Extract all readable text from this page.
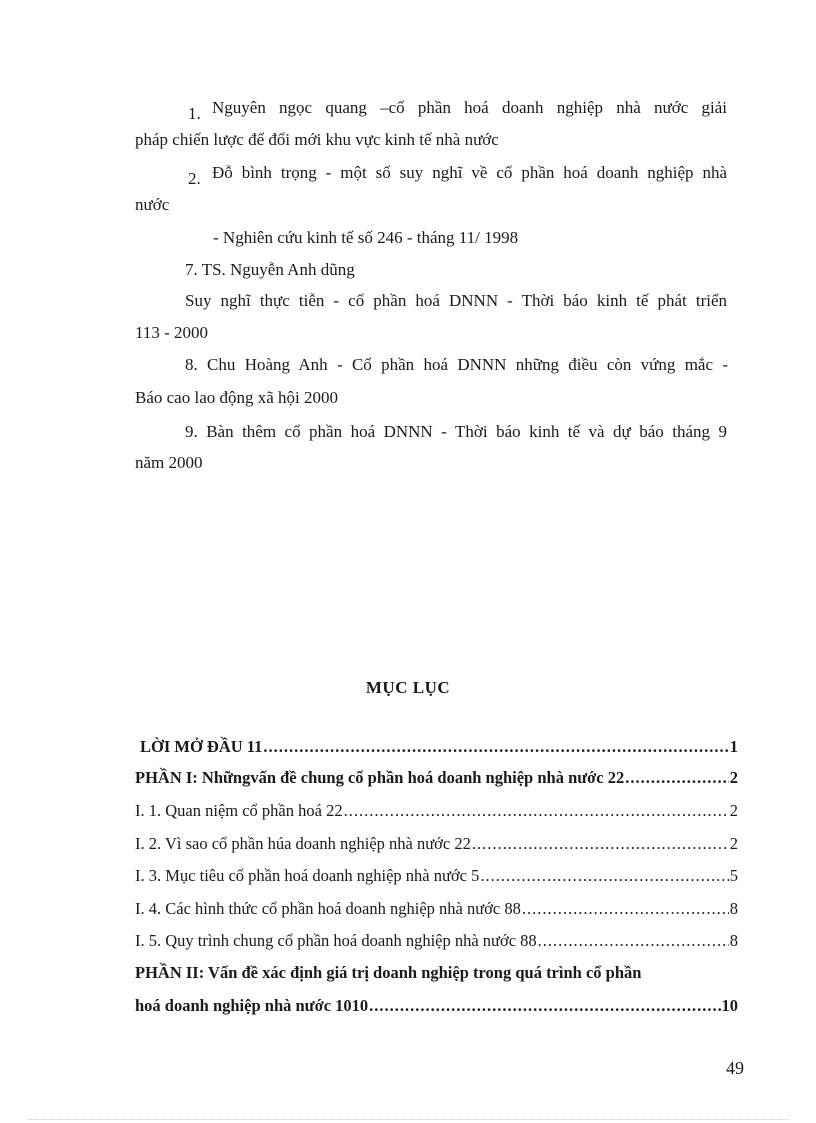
1. Nguyên ngọc quang –cổ phần hoá doanh nghiệp nhà nước giải
pháp chiến lược để đổi mới khu vực kinh tế nhà nước
2. Đỗ bình trọng - một số suy nghĩ về cổ phần hoá doanh nghiệp nhà
nước
- Nghiên cứu kinh tế số 246 - tháng 11/ 1998
7. TS. Nguyễn Anh dũng
Suy nghĩ thực tiễn - cổ phần hoá DNNN - Thời báo kinh tế phát triển
113 - 2000
8. Chu Hoàng Anh - Cổ phần hoá DNNN những điều còn vứng mắc -
Báo cao lao động xã hội 2000
9. Bàn thêm cổ phần hoá DNNN - Thời báo kinh tế và dự báo tháng 9
năm 2000
MỤC LỤC
LỜI MỞ ĐẦU 11 .....	1
PHẦN I: Nhữngvấn đề chung cổ phần hoá doanh nghiệp nhà nước 22 .....	2
I. 1. Quan niệm cổ phần hoá 22 .....	2
I. 2. Vì sao cổ phần húa doanh nghiệp nhà nước 22 .....	2
I. 3. Mục tiêu cổ phần hoá doanh nghiệp nhà nước 5 .....	5
I. 4. Các hình thức cổ phần hoá doanh nghiệp nhà nước 88 .....	8
I. 5. Quy trình chung cổ phần hoá doanh nghiệp nhà nước 88 .....	8
PHẦN II: Vấn đề xác định giá trị doanh nghiệp trong quá trình cổ phần
hoá doanh nghiệp nhà nước 1010 .....	10
49
